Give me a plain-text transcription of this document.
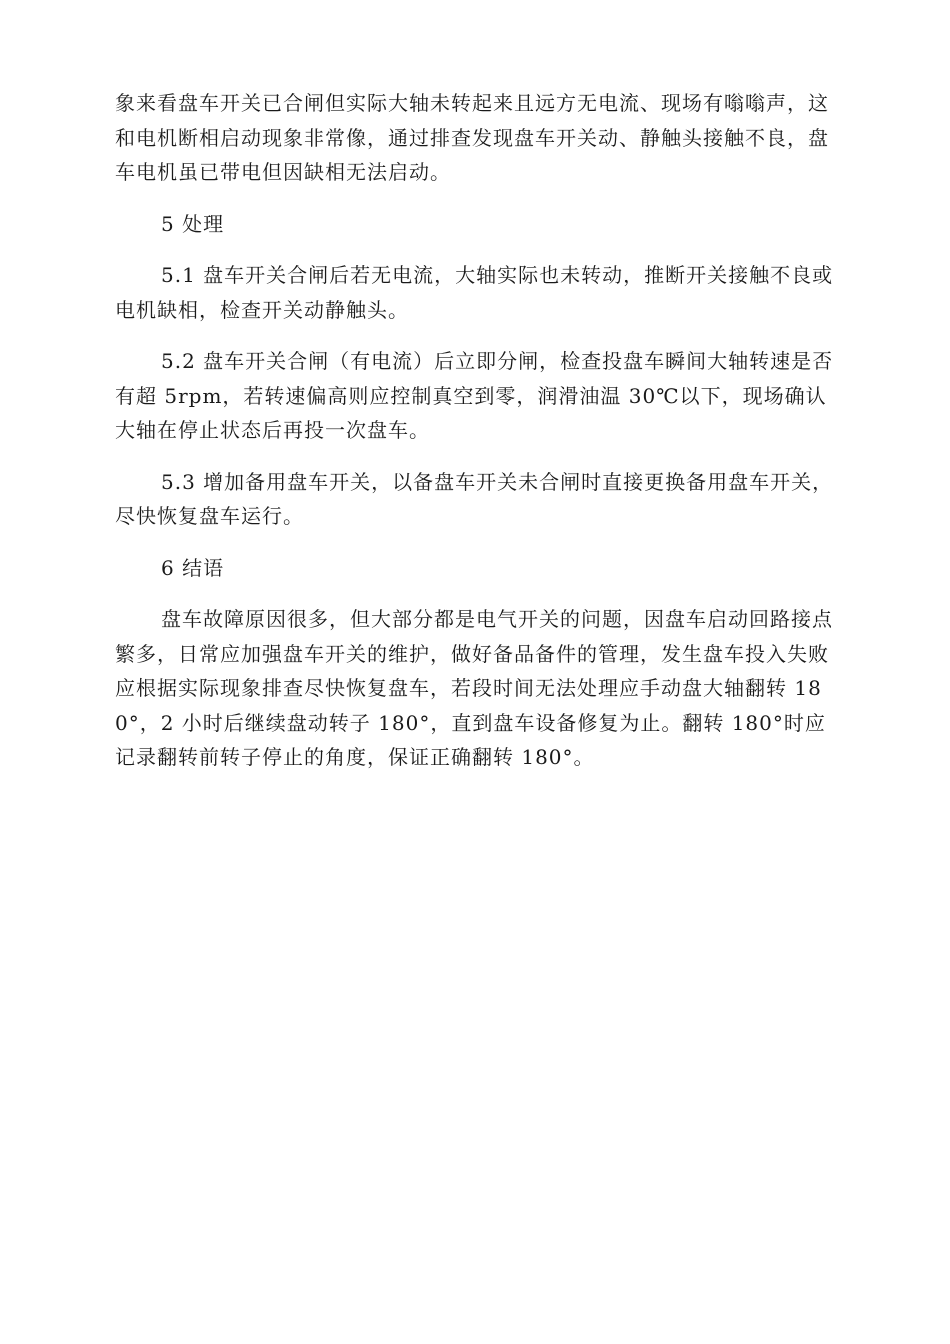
象来看盘车开关已合闸但实际大轴未转起来且远方无电流、现场有嗡嗡声，这和电机断相启动现象非常像，通过排查发现盘车开关动、静触头接触不良，盘车电机虽已带电但因缺相无法启动。

5 处理

5.1 盘车开关合闸后若无电流，大轴实际也未转动，推断开关接触不良或电机缺相，检查开关动静触头。

5.2 盘车开关合闸（有电流）后立即分闸，检查投盘车瞬间大轴转速是否有超 5rpm，若转速偏高则应控制真空到零，润滑油温 30℃以下，现场确认大轴在停止状态后再投一次盘车。

5.3 增加备用盘车开关，以备盘车开关未合闸时直接更换备用盘车开关，尽快恢复盘车运行。

6 结语

盘车故障原因很多，但大部分都是电气开关的问题，因盘车启动回路接点繁多，日常应加强盘车开关的维护，做好备品备件的管理，发生盘车投入失败应根据实际现象排查尽快恢复盘车，若段时间无法处理应手动盘大轴翻转 180°，2 小时后继续盘动转子 180°，直到盘车设备修复为止。翻转 180°时应记录翻转前转子停止的角度，保证正确翻转 180°。
